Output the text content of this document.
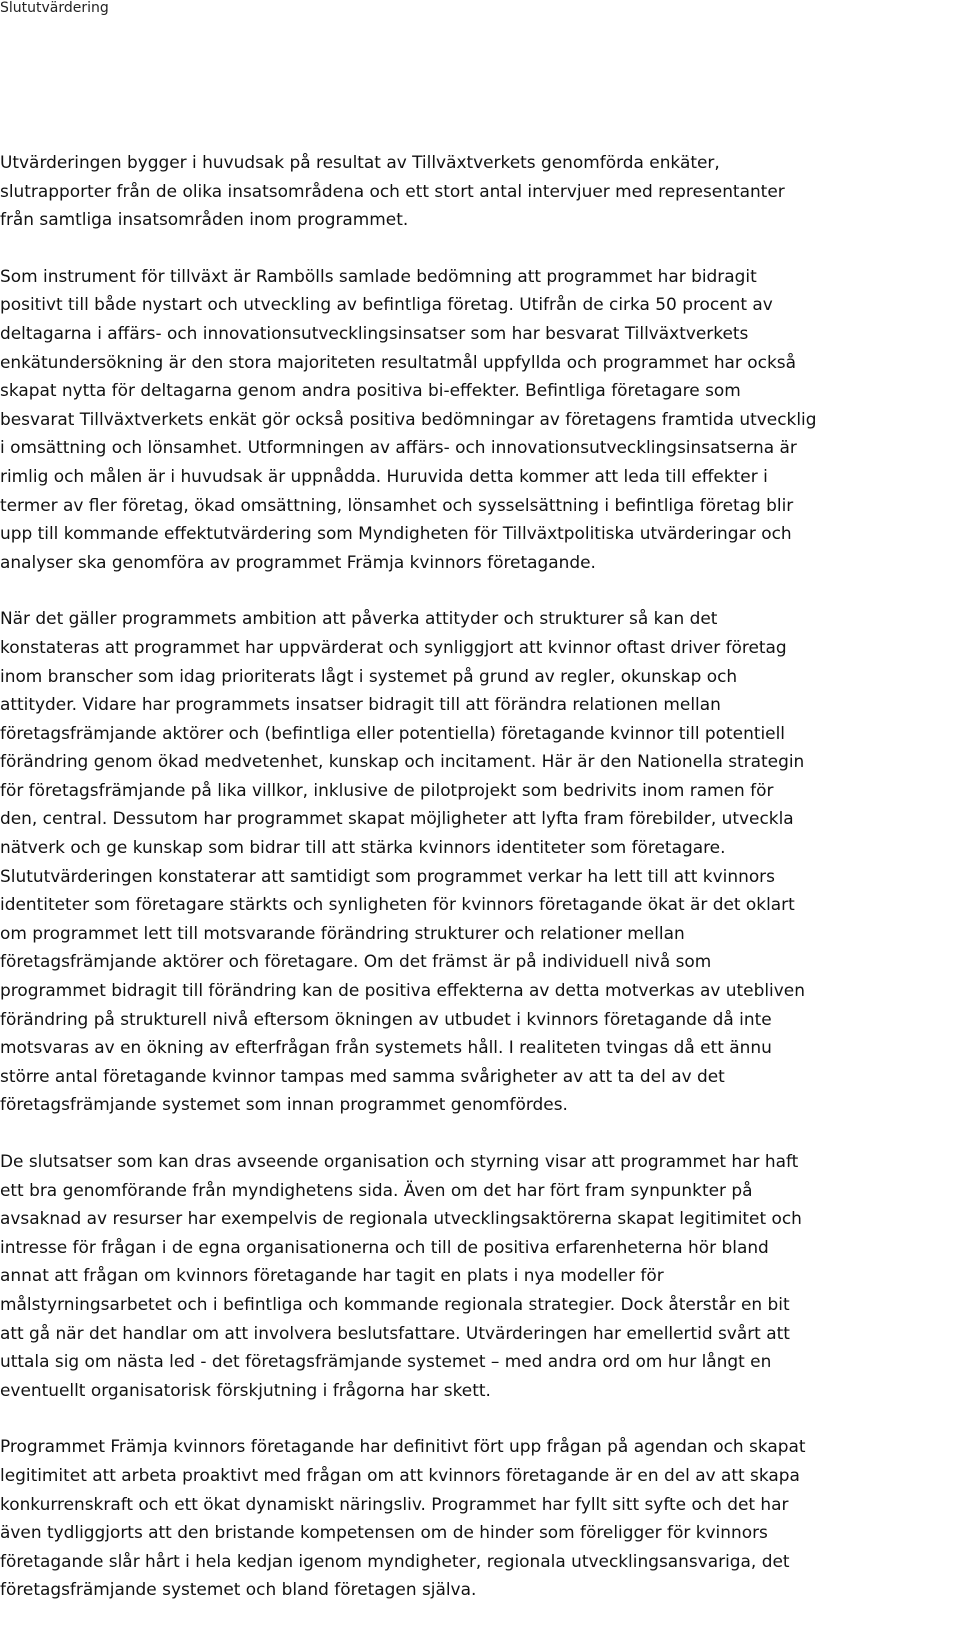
Slututvärdering

Utvärderingen bygger i huvudsak på resultat av Tillväxtverkets genomförda enkäter,
slutrapporter från de olika insatsområdena och ett stort antal intervjuer med representanter
från samtliga insatsområden inom programmet.

Som instrument för tillväxt är Rambölls samlade bedömning att programmet har bidragit
positivt till både nystart och utveckling av befintliga företag. Utifrån de cirka 50 procent av
deltagarna i affärs- och innovationsutvecklingsinsatser som har besvarat Tillväxtverkets
enkätundersökning är den stora majoriteten resultatmål uppfyllda och programmet har också
skapat nytta för deltagarna genom andra positiva bi-effekter. Befintliga företagare som
besvarat Tillväxtverkets enkät gör också positiva bedömningar av företagens framtida utvecklig
i omsättning och lönsamhet. Utformningen av affärs- och innovationsutvecklingsinsatserna är
rimlig och målen är i huvudsak är uppnådda. Huruvida detta kommer att leda till effekter i
termer av fler företag, ökad omsättning, lönsamhet och sysselsättning i befintliga företag blir
upp till kommande effektutvärdering som Myndigheten för Tillväxtpolitiska utvärderingar och
analyser ska genomföra av programmet Främja kvinnors företagande.

När det gäller programmets ambition att påverka attityder och strukturer så kan det
konstateras att programmet har uppvärderat och synliggjort att kvinnor oftast driver företag
inom branscher som idag prioriterats lågt i systemet på grund av regler, okunskap och
attityder. Vidare har programmets insatser bidragit till att förändra relationen mellan
företagsfrämjande aktörer och (befintliga eller potentiella) företagande kvinnor till potentiell
förändring genom ökad medvetenhet, kunskap och incitament. Här är den Nationella strategin
för företagsfrämjande på lika villkor, inklusive de pilotprojekt som bedrivits inom ramen för
den, central. Dessutom har programmet skapat möjligheter att lyfta fram förebilder, utveckla
nätverk och ge kunskap som bidrar till att stärka kvinnors identiteter som företagare.
Slututvärderingen konstaterar att samtidigt som programmet verkar ha lett till att kvinnors
identiteter som företagare stärkts och synligheten för kvinnors företagande ökat är det oklart
om programmet lett till motsvarande förändring strukturer och relationer mellan
företagsfrämjande aktörer och företagare. Om det främst är på individuell nivå som
programmet bidragit till förändring kan de positiva effekterna av detta motverkas av utebliven
förändring på strukturell nivå eftersom ökningen av utbudet i kvinnors företagande då inte
motsvaras av en ökning av efterfrågan från systemets håll. I realiteten tvingas då ett ännu
större antal företagande kvinnor tampas med samma svårigheter av att ta del av det
företagsfrämjande systemet som innan programmet genomfördes.

De slutsatser som kan dras avseende organisation och styrning visar att programmet har haft
ett bra genomförande från myndighetens sida. Även om det har fört fram synpunkter på
avsaknad av resurser har exempelvis de regionala utvecklingsaktörerna skapat legitimitet och
intresse för frågan i de egna organisationerna och till de positiva erfarenheterna hör bland
annat att frågan om kvinnors företagande har tagit en plats i nya modeller för
målstyrningsarbetet och i befintliga och kommande regionala strategier. Dock återstår en bit
att gå när det handlar om att involvera beslutsfattare. Utvärderingen har emellertid svårt att
uttala sig om nästa led - det företagsfrämjande systemet – med andra ord om hur långt en
eventuellt organisatorisk förskjutning i frågorna har skett.

Programmet Främja kvinnors företagande har definitivt fört upp frågan på agendan och skapat
legitimitet att arbeta proaktivt med frågan om att kvinnors företagande är en del av att skapa
konkurrenskraft och ett ökat dynamiskt näringsliv. Programmet har fyllt sitt syfte och det har
även tydliggjorts att den bristande kompetensen om de hinder som föreligger för kvinnors
företagande slår hårt i hela kedjan igenom myndigheter, regionala utvecklingsansvariga, det
företagsfrämjande systemet och bland företagen själva.
